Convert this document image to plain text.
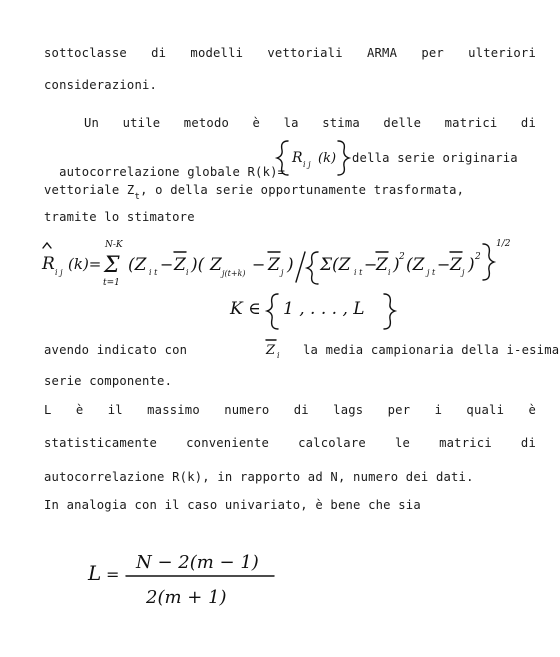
sottoclasse di modelli vettoriali ARMA per ulteriori
considerazioni.
Un utile metodo è la stima delle matrici di

autocorrelazione globale R(k)=

della serie originaria
vettoriale $Z_t$, o della serie opportunamente trasformata,
tramite lo stimatore
avendo indicato con	la media campionaria della i-esima
serie componente.
L è il massimo numero di lags per i quali è
statisticamente conveniente calcolare le matrici di
autocorrelazione R(k), in rapporto ad N, numero dei dati.
In analogia con il caso univariato, è bene che sia
R i j (k)
R i j (k)=
N-K
Σ
t=1
(Z i t − Z i )( Z j(t+k) − Z j ) Σ(Z i t −
Z i ) 2 (Z j t − Z j ) 2
1/2
K ∈ 1 , . . . , L
Z i
L =
N − 2(m − 1)
2(m + 1)
